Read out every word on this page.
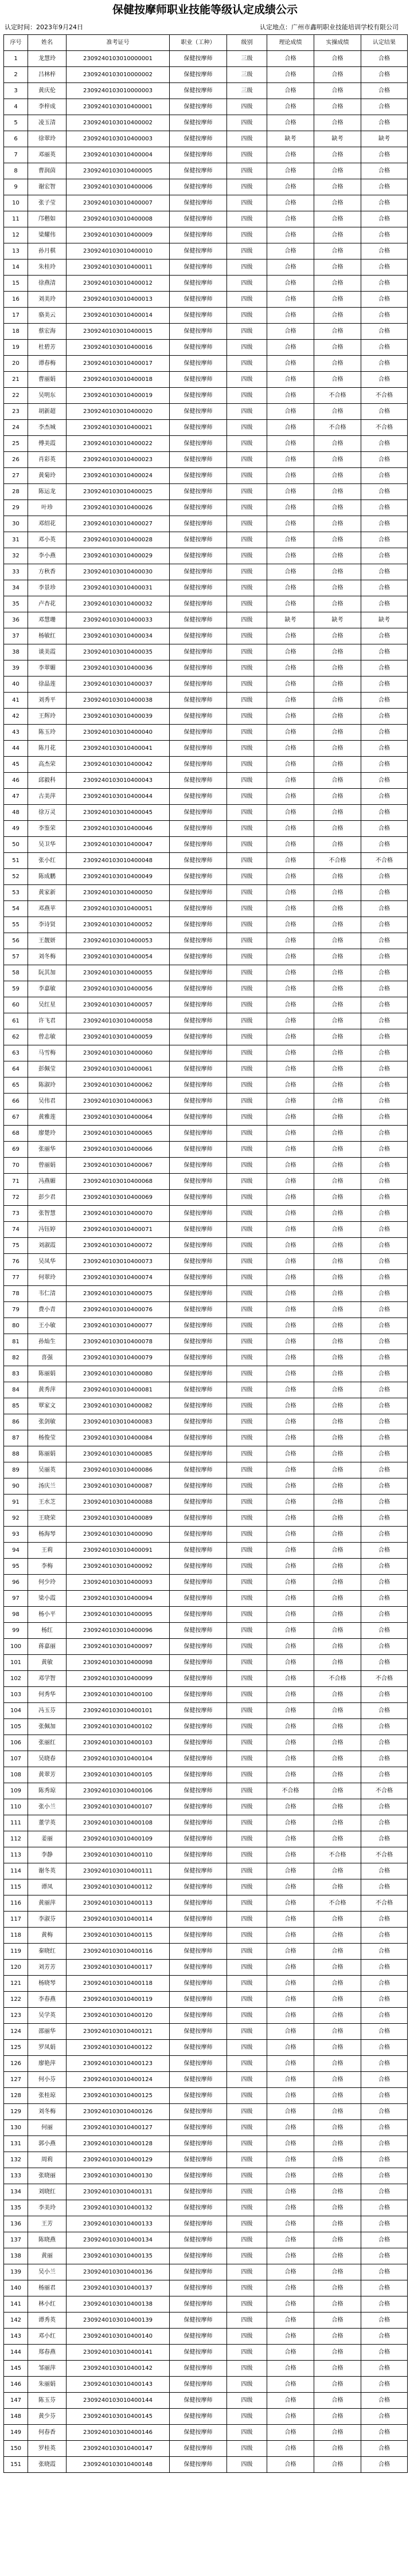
保健按摩师职业技能等级认定成绩公示
认定时间：2023年9月24日	认定地点：广州市鑫明职业技能培训学校有限公司
序号	姓名	准考证号	职业（工种）	级别	理论成绩	实操成绩	认定结果
1	龙慧玲	2309240103010000001	保健按摩师	三级	合格	合格	合格
2	吕林梓	2309240103010000002	保健按摩师	三级	合格	合格	合格
3	黄庆伦	2309240103010000003	保健按摩师	三级	合格	合格	合格
4	李梓成	2309240103010400001	保健按摩师	四级	合格	合格	合格
5	凌玉清	2309240103010400002	保健按摩师	四级	合格	合格	合格
6	徐翠玲	2309240103010400003	保健按摩师	四级	缺考	缺考	缺考
7	邓丽英	2309240103010400004	保健按摩师	四级	合格	合格	合格
8	曹润茵	2309240103010400005	保健按摩师	四级	合格	合格	合格
9	谢宏智	2309240103010400006	保健按摩师	四级	合格	合格	合格
10	张子莹	2309240103010400007	保健按摩师	四级	合格	合格	合格
11	邝楷如	2309240103010400008	保健按摩师	四级	合格	合格	合格
12	梁耀伟	2309240103010400009	保健按摩师	四级	合格	合格	合格
13	孙月棋	2309240103010400010	保健按摩师	四级	合格	合格	合格
14	朱桂玲	2309240103010400011	保健按摩师	四级	合格	合格	合格
15	徐燕清	2309240103010400012	保健按摩师	四级	合格	合格	合格
16	刘美玲	2309240103010400013	保健按摩师	四级	合格	合格	合格
17	骆美云	2309240103010400014	保健按摩师	四级	合格	合格	合格
18	蔡宏海	2309240103010400015	保健按摩师	四级	合格	合格	合格
19	杜碧芳	2309240103010400016	保健按摩师	四级	合格	合格	合格
20	谭春梅	2309240103010400017	保健按摩师	四级	合格	合格	合格
21	曹丽娟	2309240103010400018	保健按摩师	四级	合格	合格	合格
22	吴明东	2309240103010400019	保健按摩师	四级	合格	不合格	不合格
23	胡新超	2309240103010400020	保健按摩师	四级	合格	合格	合格
24	李杰城	2309240103010400021	保健按摩师	四级	合格	不合格	不合格
25	傅美霞	2309240103010400022	保健按摩师	四级	合格	合格	合格
26	肖彩英	2309240103010400023	保健按摩师	四级	合格	合格	合格
27	黄菊玲	2309240103010400024	保健按摩师	四级	合格	合格	合格
28	陈运龙	2309240103010400025	保健按摩师	四级	合格	合格	合格
29	叶珍	2309240103010400026	保健按摩师	四级	合格	合格	合格
30	邓绍花	2309240103010400027	保健按摩师	四级	合格	合格	合格
31	邓小英	2309240103010400028	保健按摩师	四级	合格	合格	合格
32	李小燕	2309240103010400029	保健按摩师	四级	合格	合格	合格
33	方秋香	2309240103010400030	保健按摩师	四级	合格	合格	合格
34	李景珍	2309240103010400031	保健按摩师	四级	合格	合格	合格
35	卢杏花	2309240103010400032	保健按摩师	四级	合格	合格	合格
36	邓慧珊	2309240103010400033	保健按摩师	四级	缺考	缺考	缺考
37	杨敏红	2309240103010400034	保健按摩师	四级	合格	合格	合格
38	谈美霞	2309240103010400035	保健按摩师	四级	合格	合格	合格
39	李翠媚	2309240103010400036	保健按摩师	四级	合格	合格	合格
40	徐晶莲	2309240103010400037	保健按摩师	四级	合格	合格	合格
41	刘秀平	2309240103010400038	保健按摩师	四级	合格	合格	合格
42	王辉玲	2309240103010400039	保健按摩师	四级	合格	合格	合格
43	陈玉玲	2309240103010400040	保健按摩师	四级	合格	合格	合格
44	陈月花	2309240103010400041	保健按摩师	四级	合格	合格	合格
45	高杰荣	2309240103010400042	保健按摩师	四级	合格	合格	合格
46	邱毅科	2309240103010400043	保健按摩师	四级	合格	合格	合格
47	古美萍	2309240103010400044	保健按摩师	四级	合格	合格	合格
48	徐万灵	2309240103010400045	保健按摩师	四级	合格	合格	合格
49	李鉴荣	2309240103010400046	保健按摩师	四级	合格	合格	合格
50	吴卫华	2309240103010400047	保健按摩师	四级	合格	合格	合格
51	张小红	2309240103010400048	保健按摩师	四级	合格	不合格	不合格
52	陈成鹏	2309240103010400049	保健按摩师	四级	合格	合格	合格
53	黄家新	2309240103010400050	保健按摩师	四级	合格	合格	合格
54	邓燕苹	2309240103010400051	保健按摩师	四级	合格	合格	合格
55	李诗贤	2309240103010400052	保健按摩师	四级	合格	合格	合格
56	王靓妍	2309240103010400053	保健按摩师	四级	合格	合格	合格
57	刘冬梅	2309240103010400054	保健按摩师	四级	合格	合格	合格
58	阮其加	2309240103010400055	保健按摩师	四级	合格	合格	合格
59	李嘉敏	2309240103010400056	保健按摩师	四级	合格	合格	合格
60	吴红星	2309240103010400057	保健按摩师	四级	合格	合格	合格
61	许飞君	2309240103010400058	保健按摩师	四级	合格	合格	合格
62	曾志敏	2309240103010400059	保健按摩师	四级	合格	合格	合格
63	马雪梅	2309240103010400060	保健按摩师	四级	合格	合格	合格
64	彭佩莹	2309240103010400061	保健按摩师	四级	合格	合格	合格
65	陈淑玲	2309240103010400062	保健按摩师	四级	合格	合格	合格
66	吴伟君	2309240103010400063	保健按摩师	四级	合格	合格	合格
67	黄雅莲	2309240103010400064	保健按摩师	四级	合格	合格	合格
68	廖楚玲	2309240103010400065	保健按摩师	四级	合格	合格	合格
69	张丽华	2309240103010400066	保健按摩师	四级	合格	合格	合格
70	曾丽娟	2309240103010400067	保健按摩师	四级	合格	合格	合格
71	冯燕媚	2309240103010400068	保健按摩师	四级	合格	合格	合格
72	彭少君	2309240103010400069	保健按摩师	四级	合格	合格	合格
73	张智慧	2309240103010400070	保健按摩师	四级	合格	合格	合格
74	冯钰婷	2309240103010400071	保健按摩师	四级	合格	合格	合格
75	刘淑霞	2309240103010400072	保健按摩师	四级	合格	合格	合格
76	吴凤华	2309240103010400073	保健按摩师	四级	合格	合格	合格
77	何翠玲	2309240103010400074	保健按摩师	四级	合格	合格	合格
78	韦仁清	2309240103010400075	保健按摩师	四级	合格	合格	合格
79	费小青	2309240103010400076	保健按摩师	四级	合格	合格	合格
80	王小敏	2309240103010400077	保健按摩师	四级	合格	合格	合格
81	孙灿生	2309240103010400078	保健按摩师	四级	合格	合格	合格
82	喜强	2309240103010400079	保健按摩师	四级	合格	合格	合格
83	陈丽娟	2309240103010400080	保健按摩师	四级	合格	合格	合格
84	黄秀萍	2309240103010400081	保健按摩师	四级	合格	合格	合格
85	覃家文	2309240103010400082	保健按摩师	四级	合格	合格	合格
86	张剑敏	2309240103010400083	保健按摩师	四级	合格	合格	合格
87	杨俊莹	2309240103010400084	保健按摩师	四级	合格	合格	合格
88	陈丽娟	2309240103010400085	保健按摩师	四级	合格	合格	合格
89	吴丽英	2309240103010400086	保健按摩师	四级	合格	合格	合格
90	汤庆兰	2309240103010400087	保健按摩师	四级	合格	合格	合格
91	王水芝	2309240103010400088	保健按摩师	四级	合格	合格	合格
92	王晓荣	2309240103010400089	保健按摩师	四级	合格	合格	合格
93	杨海琴	2309240103010400090	保健按摩师	四级	合格	合格	合格
94	王莉	2309240103010400091	保健按摩师	四级	合格	合格	合格
95	李梅	2309240103010400092	保健按摩师	四级	合格	合格	合格
96	何少玲	2309240103010400093	保健按摩师	四级	合格	合格	合格
97	梁小霞	2309240103010400094	保健按摩师	四级	合格	合格	合格
98	杨小平	2309240103010400095	保健按摩师	四级	合格	合格	合格
99	杨红	2309240103010400096	保健按摩师	四级	合格	合格	合格
100	蒋嘉丽	2309240103010400097	保健按摩师	四级	合格	合格	合格
101	黄敏	2309240103010400098	保健按摩师	四级	合格	合格	合格
102	邓学智	2309240103010400099	保健按摩师	四级	合格	不合格	不合格
103	何秀华	2309240103010400100	保健按摩师	四级	合格	合格	合格
104	冯玉芬	2309240103010400101	保健按摩师	四级	合格	合格	合格
105	张佩加	2309240103010400102	保健按摩师	四级	合格	合格	合格
106	张丽红	2309240103010400103	保健按摩师	四级	合格	合格	合格
107	吴晓春	2309240103010400104	保健按摩师	四级	合格	合格	合格
108	黄翠芳	2309240103010400105	保健按摩师	四级	合格	合格	合格
109	陈秀琼	2309240103010400106	保健按摩师	四级	不合格	合格	不合格
110	张小兰	2309240103010400107	保健按摩师	四级	合格	合格	合格
111	董学英	2309240103010400108	保健按摩师	四级	合格	合格	合格
112	姜丽	2309240103010400109	保健按摩师	四级	合格	合格	合格
113	李静	2309240103010400110	保健按摩师	四级	合格	不合格	不合格
114	谢冬英	2309240103010400111	保健按摩师	四级	合格	合格	合格
115	谭凤	2309240103010400112	保健按摩师	四级	合格	合格	合格
116	黄丽萍	2309240103010400113	保健按摩师	四级	合格	不合格	不合格
117	李淑芬	2309240103010400114	保健按摩师	四级	合格	合格	合格
118	黄梅	2309240103010400115	保健按摩师	四级	合格	合格	合格
119	秦晓红	2309240103010400116	保健按摩师	四级	合格	合格	合格
120	刘芳芳	2309240103010400117	保健按摩师	四级	合格	合格	合格
121	杨晓琴	2309240103010400118	保健按摩师	四级	合格	合格	合格
122	李春燕	2309240103010400119	保健按摩师	四级	合格	合格	合格
123	吴学英	2309240103010400120	保健按摩师	四级	合格	合格	合格
124	邵丽华	2309240103010400121	保健按摩师	四级	合格	合格	合格
125	罗凤娟	2309240103010400122	保健按摩师	四级	合格	合格	合格
126	廖艳萍	2309240103010400123	保健按摩师	四级	合格	合格	合格
127	何小芬	2309240103010400124	保健按摩师	四级	合格	合格	合格
128	张桂琼	2309240103010400125	保健按摩师	四级	合格	合格	合格
129	刘冬梅	2309240103010400126	保健按摩师	四级	合格	合格	合格
130	何丽	2309240103010400127	保健按摩师	四级	合格	合格	合格
131	郭小燕	2309240103010400128	保健按摩师	四级	合格	合格	合格
132	周莉	2309240103010400129	保健按摩师	四级	合格	合格	合格
133	张晓丽	2309240103010400130	保健按摩师	四级	合格	合格	合格
134	刘晓红	2309240103010400131	保健按摩师	四级	合格	合格	合格
135	李美玲	2309240103010400132	保健按摩师	四级	合格	合格	合格
136	王芳	2309240103010400133	保健按摩师	四级	合格	合格	合格
137	陈晓燕	2309240103010400134	保健按摩师	四级	合格	合格	合格
138	黄丽	2309240103010400135	保健按摩师	四级	合格	合格	合格
139	吴小兰	2309240103010400136	保健按摩师	四级	合格	合格	合格
140	杨丽君	2309240103010400137	保健按摩师	四级	合格	合格	合格
141	林小红	2309240103010400138	保健按摩师	四级	合格	合格	合格
142	谭秀英	2309240103010400139	保健按摩师	四级	合格	合格	合格
143	邓小红	2309240103010400140	保健按摩师	四级	合格	合格	合格
144	郑春燕	2309240103010400141	保健按摩师	四级	合格	合格	合格
145	邹丽萍	2309240103010400142	保健按摩师	四级	合格	合格	合格
146	朱丽娟	2309240103010400143	保健按摩师	四级	合格	合格	合格
147	陈玉芬	2309240103010400144	保健按摩师	四级	合格	合格	合格
148	黄少芬	2309240103010400145	保健按摩师	四级	合格	合格	合格
149	何春香	2309240103010400146	保健按摩师	四级	合格	合格	合格
150	罗桂英	2309240103010400147	保健按摩师	四级	合格	合格	合格
151	张晓霞	2309240103010400148	保健按摩师	四级	合格	合格	合格
